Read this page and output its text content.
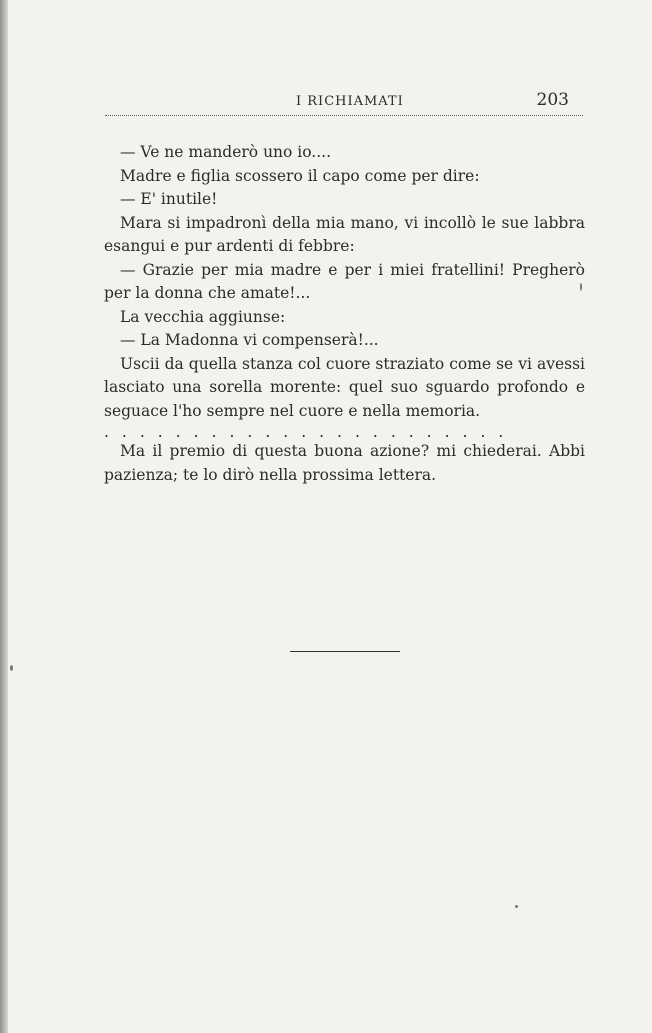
I RICHIAMATI	203

— Ve ne manderò uno io....

Madre e figlia scossero il capo come per dire:

— E' inutile!

Mara si impadronì della mia mano, vi incollò le sue labbra

esangui e pur ardenti di febbre:

— Grazie per mia madre e per i miei fratellini! Pregherò

per la donna che amate!...

La vecchia aggiunse:

— La Madonna vi compenserà!...

Uscii da quella stanza col cuore straziato come se vi avessi

lasciato una sorella morente: quel suo sguardo profondo e

seguace l'ho sempre nel cuore e nella memoria.

.......................

Ma il premio di questa buona azione? mi chiederai. Abbi

pazienza; te lo dirò nella prossima lettera.
